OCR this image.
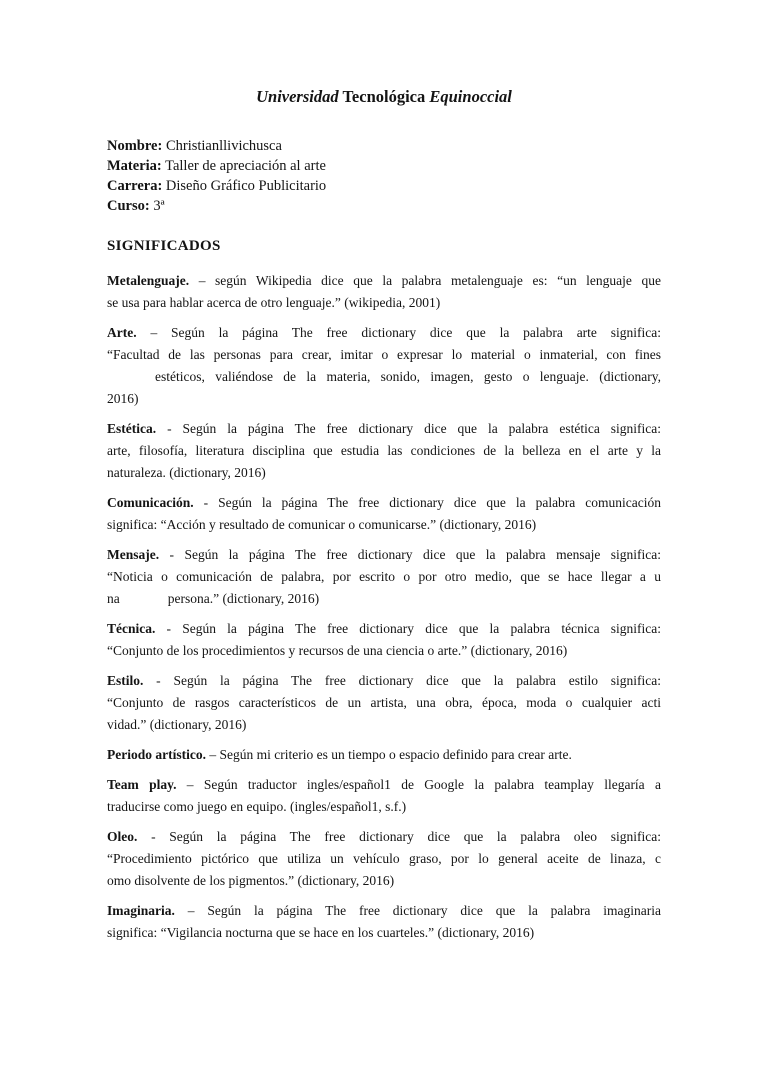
Universidad Tecnológica Equinoccial
Nombre: Christianllivichusca
Materia: Taller de apreciación al arte
Carrera: Diseño Gráfico Publicitario
Curso: 3ª
SIGNIFICADOS
Metalenguaje. – según Wikipedia dice que la palabra metalenguaje es: “un lenguaje que
se usa para hablar acerca de otro lenguaje.” (wikipedia, 2001)
Arte. – Según la página The free dictionary dice que la palabra arte significa:
“Facultad de las personas para crear, imitar o expresar lo material o inmaterial, con fines
estéticos, valiéndose de la materia, sonido, imagen, gesto o lenguaje. (dictionary,
2016)
Estética. - Según la página The free dictionary dice que la palabra estética significa:
arte, filosofía, literatura disciplina que estudia las condiciones de la belleza en el arte y la
naturaleza. (dictionary, 2016)
Comunicación. - Según la página The free dictionary dice que la palabra comunicación
significa: “Acción y resultado de comunicar o comunicarse.” (dictionary, 2016)
Mensaje. - Según la página The free dictionary dice que la palabra mensaje significa:
“Noticia o comunicación de palabra, por escrito o por otro medio, que se hace llegar a u
na	persona.” (dictionary, 2016)
Técnica. - Según la página The free dictionary dice que la palabra técnica significa:
“Conjunto de los procedimientos y recursos de una ciencia o arte.” (dictionary, 2016)
Estilo. - Según la página The free dictionary dice que la palabra estilo significa:
“Conjunto de rasgos característicos de un artista, una obra, época, moda o cualquier acti
vidad.” (dictionary, 2016)
Periodo artístico. – Según mi criterio es un tiempo o espacio definido para crear arte.
Team play. – Según traductor ingles/español1 de Google la palabra teamplay llegaría a
traducirse como juego en equipo. (ingles/español1, s.f.)
Oleo. - Según la página The free dictionary dice que la palabra oleo significa:
“Procedimiento pictórico que utiliza un vehículo graso, por lo general aceite de linaza, c
omo disolvente de los pigmentos.” (dictionary, 2016)
Imaginaria. – Según la página The free dictionary dice que la palabra imaginaria
significa: “Vigilancia nocturna que se hace en los cuarteles.” (dictionary, 2016)
